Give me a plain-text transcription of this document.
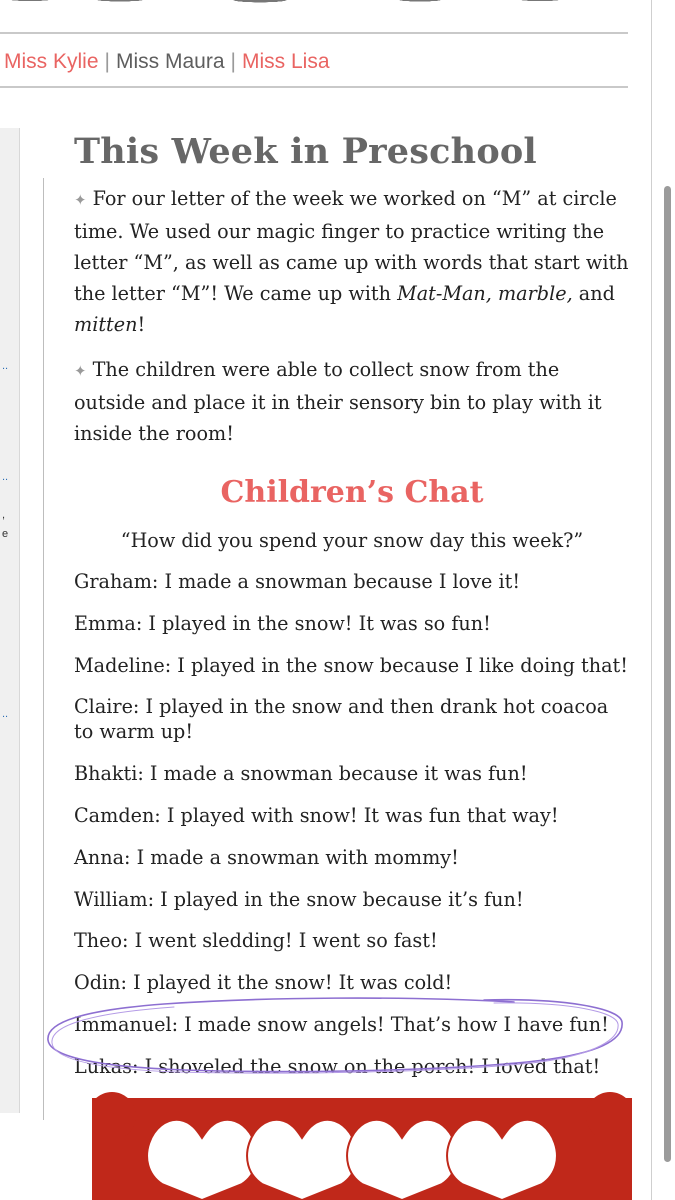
Miss Kylie | Miss Maura | Miss Lisa
..
..
,
e
..
This Week in Preschool

✦ For our letter of the week we worked on “M” at circle time. We used our magic finger to practice writing the letter “M”, as well as came up with words that start with the letter “M”! We came up with Mat-Man, marble, and mitten!

✦ The children were able to collect snow from the outside and place it in their sensory bin to play with it inside the room!

Children’s Chat

“How did you spend your snow day this week?”

Graham: I made a snowman because I love it!

Emma: I played in the snow! It was so fun!

Madeline: I played in the snow because I like doing that!

Claire: I played in the snow and then drank hot coacoa to warm up!

Bhakti: I made a snowman because it was fun!

Camden: I played with snow! It was fun that way!

Anna: I made a snowman with mommy!

William: I played in the snow because it’s fun!

Theo: I went sledding! I went so fast!

Odin: I played it the snow! It was cold!

Immanuel: I made snow angels! That’s how I have fun!

Lukas: I shoveled the snow on the porch! I loved that!
